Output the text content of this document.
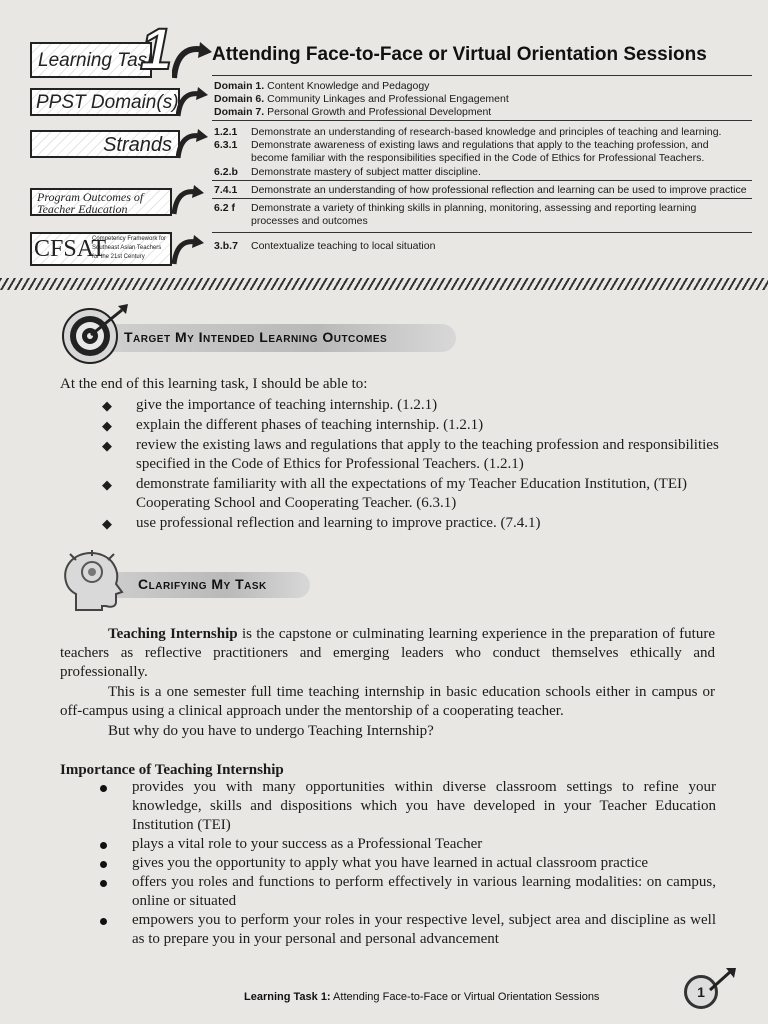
Learning Task
1 Attending Face-to-Face or Virtual Orientation Sessions
PPST Domain(s)
Domain 1. Content Knowledge and Pedagogy
Domain 6. Community Linkages and Professional Engagement
Domain 7. Personal Growth and Professional Development
Strands
1.2.1 Demonstrate an understanding of research-based knowledge and principles of teaching and learning.
6.3.1 Demonstrate awareness of existing laws and regulations that apply to the teaching profession, and
become familiar with the responsibilities specified in the Code of Ethics for Professional Teachers.
6.2.b Demonstrate mastery of subject matter discipline.
Program Outcomes of
Teacher Education
7.4.1 Demonstrate an understanding of how professional reflection and learning can be used to improve practice
6.2 f Demonstrate a variety of thinking skills in planning, monitoring, assessing and reporting learning
processes and outcomes
CFSAT
Competency Framework for
Southeast Asian Teachers
for the 21st Century
3.b.7 Contextualize teaching to local situation
Target My Intended Learning Outcomes
At the end of this learning task, I should be able to:
◆ give the importance of teaching internship. (1.2.1)
◆ explain the different phases of teaching internship. (1.2.1)
◆ review the existing laws and regulations that apply to the teaching profession and responsibilities specified in the Code of Ethics for Professional Teachers. (1.2.1)
◆ demonstrate familiarity with all the expectations of my Teacher Education Institution, (TEI) Cooperating School and Cooperating Teacher. (6.3.1)
◆ use professional reflection and learning to improve practice. (7.4.1)
Clarifying My Task
Teaching Internship is the capstone or culminating learning experience in the preparation of future teachers as reflective practitioners and emerging leaders who conduct themselves ethically and professionally.
This is a one semester full time teaching internship in basic education schools either in campus or off-campus using a clinical approach under the mentorship of a cooperating teacher.
But why do you have to undergo Teaching Internship?
Importance of Teaching Internship
provides you with many opportunities within diverse classroom settings to refine your knowledge, skills and dispositions which you have developed in your Teacher Education Institution (TEI)
plays a vital role to your success as a Professional Teacher
gives you the opportunity to apply what you have learned in actual classroom practice
offers you roles and functions to perform effectively in various learning modalities: on campus, online or situated
empowers you to perform your roles in your respective level, subject area and discipline as well as to prepare you in your personal and personal advancement
Learning Task 1: Attending Face-to-Face or Virtual Orientation Sessions	1
